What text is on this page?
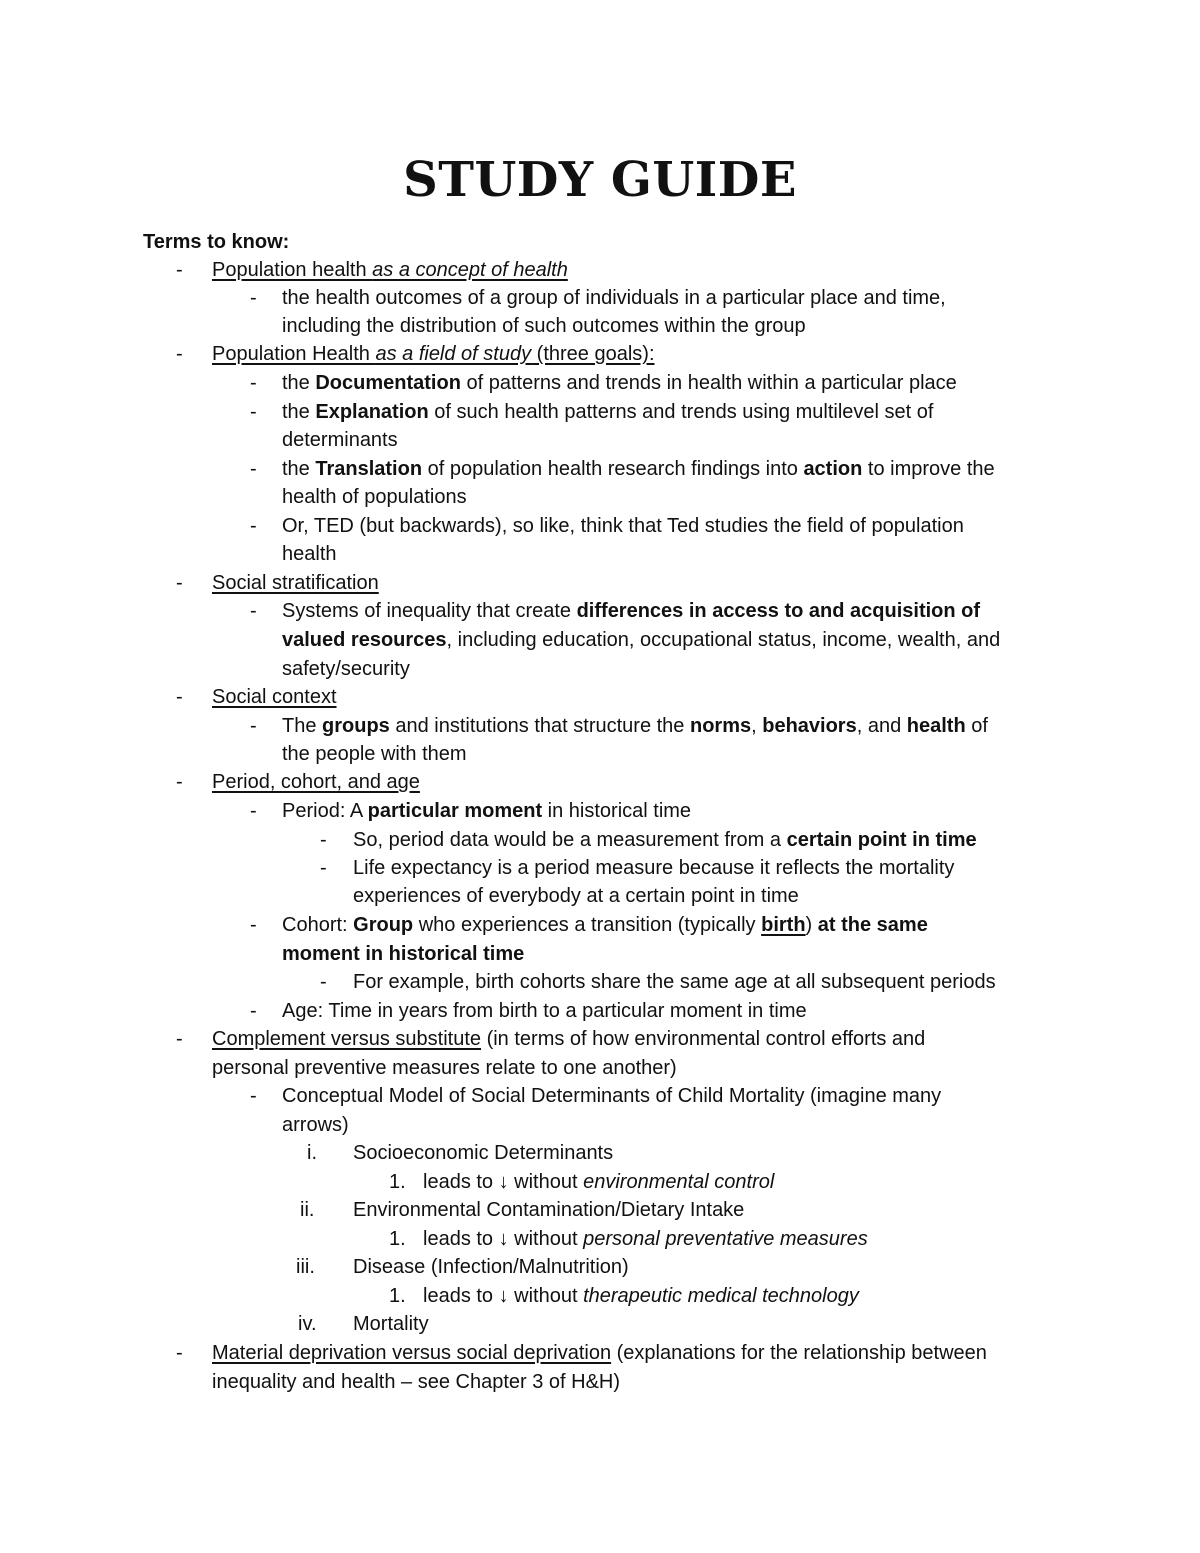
STUDY GUIDE
Terms to know:
- Population health as a concept of health
- the health outcomes of a group of individuals in a particular place and time,
including the distribution of such outcomes within the group
- Population Health as a field of study (three goals):
- the Documentation of patterns and trends in health within a particular place
- the Explanation of such health patterns and trends using multilevel set of
determinants
- the Translation of population health research findings into action to improve the
health of populations
- Or, TED (but backwards), so like, think that Ted studies the field of population
health
- Social stratification
- Systems of inequality that create differences in access to and acquisition of
valued resources, including education, occupational status, income, wealth, and
safety/security
- Social context
- The groups and institutions that structure the norms, behaviors, and health of
the people with them
- Period, cohort, and age
- Period: A particular moment in historical time
- So, period data would be a measurement from a certain point in time
- Life expectancy is a period measure because it reflects the mortality
experiences of everybody at a certain point in time
- Cohort: Group who experiences a transition (typically birth) at the same
moment in historical time
- For example, birth cohorts share the same age at all subsequent periods
- Age: Time in years from birth to a particular moment in time
- Complement versus substitute (in terms of how environmental control efforts and
personal preventive measures relate to one another)
- Conceptual Model of Social Determinants of Child Mortality (imagine many
arrows)
i. Socioeconomic Determinants
1. leads to ↓ without environmental control
ii. Environmental Contamination/Dietary Intake
1. leads to ↓ without personal preventative measures
iii. Disease (Infection/Malnutrition)
1. leads to ↓ without therapeutic medical technology
iv. Mortality
- Material deprivation versus social deprivation (explanations for the relationship between
inequality and health – see Chapter 3 of H&H)
